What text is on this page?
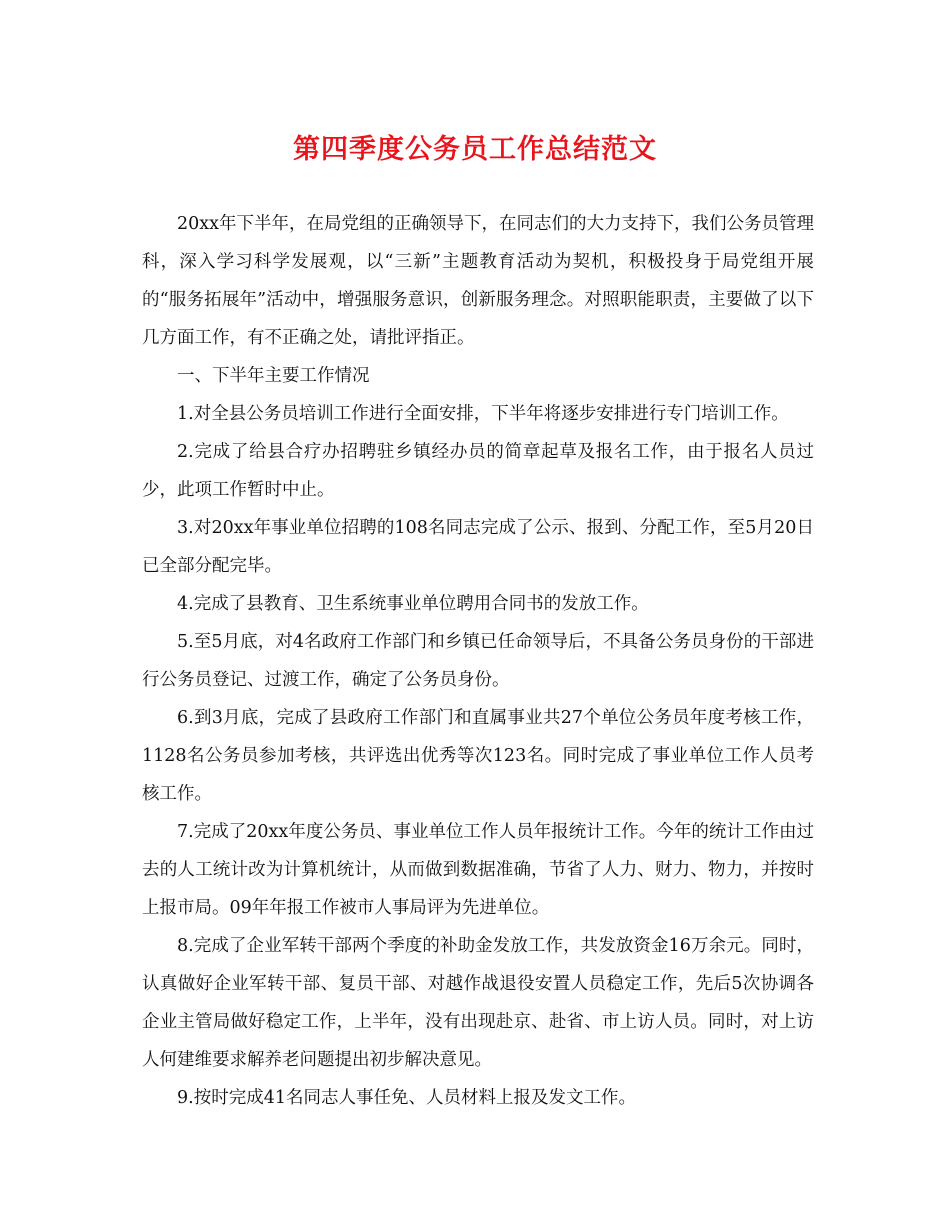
第四季度公务员工作总结范文

20xx年下半年，在局党组的正确领导下，在同志们的大力支持下，我们公务员管理科，深入学习科学发展观，以“三新”主题教育活动为契机，积极投身于局党组开展的“服务拓展年”活动中，增强服务意识，创新服务理念。对照职能职责，主要做了以下几方面工作，有不正确之处，请批评指正。

一、下半年主要工作情况

1.对全县公务员培训工作进行全面安排，下半年将逐步安排进行专门培训工作。

2.完成了给县合疗办招聘驻乡镇经办员的简章起草及报名工作，由于报名人员过少，此项工作暂时中止。

3.对20xx年事业单位招聘的108名同志完成了公示、报到、分配工作，至5月20日已全部分配完毕。

4.完成了县教育、卫生系统事业单位聘用合同书的发放工作。

5.至5月底，对4名政府工作部门和乡镇已任命领导后，不具备公务员身份的干部进行公务员登记、过渡工作，确定了公务员身份。

6.到3月底，完成了县政府工作部门和直属事业共27个单位公务员年度考核工作，1128名公务员参加考核，共评选出优秀等次123名。同时完成了事业单位工作人员考核工作。

7.完成了20xx年度公务员、事业单位工作人员年报统计工作。今年的统计工作由过去的人工统计改为计算机统计，从而做到数据准确，节省了人力、财力、物力，并按时上报市局。09年年报工作被市人事局评为先进单位。

8.完成了企业军转干部两个季度的补助金发放工作，共发放资金16万余元。同时，认真做好企业军转干部、复员干部、对越作战退役安置人员稳定工作，先后5次协调各企业主管局做好稳定工作，上半年，没有出现赴京、赴省、市上访人员。同时，对上访人何建维要求解养老问题提出初步解决意见。

9.按时完成41名同志人事任免、人员材料上报及发文工作。
